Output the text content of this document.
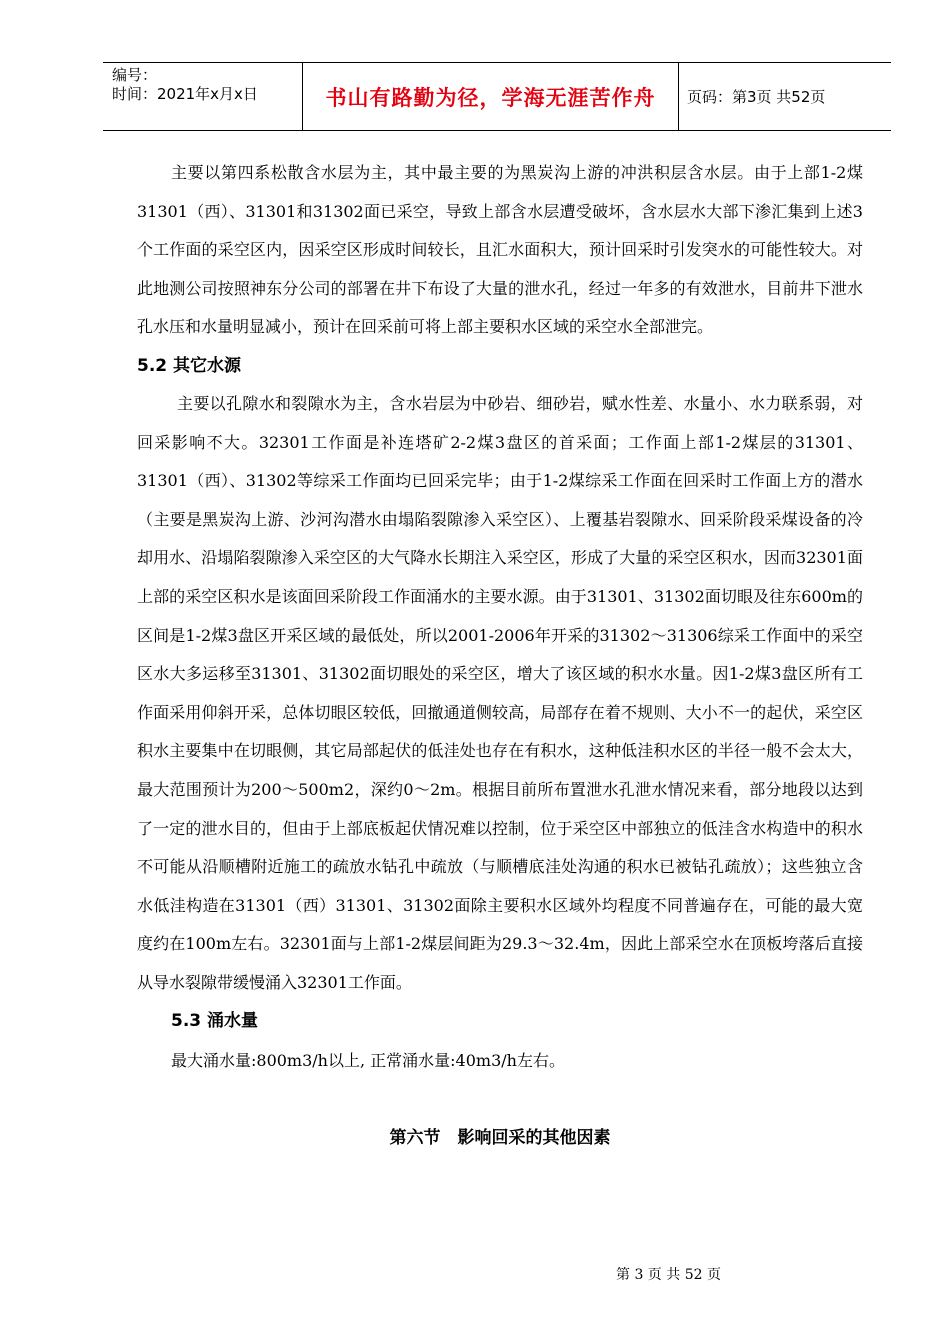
编号：
时间：2021年x月x日	书山有路勤为径，学海无涯苦作舟 页码：第3页 共52页

主要以第四系松散含水层为主，其中最主要的为黑炭沟上游的冲洪积层含水层。由于上部1-2煤31301（西）、31301和31302面已采空，导致上部含水层遭受破坏，含水层水大部下渗汇集到上述3个工作面的采空区内，因采空区形成时间较长，且汇水面积大，预计回采时引发突水的可能性较大。对此地测公司按照神东分公司的部署在井下布设了大量的泄水孔，经过一年多的有效泄水，目前井下泄水孔水压和水量明显减小，预计在回采前可将上部主要积水区域的采空水全部泄完。

5.2 其它水源

主要以孔隙水和裂隙水为主，含水岩层为中砂岩、细砂岩，赋水性差、水量小、水力联系弱，对回采影响不大。32301工作面是补连塔矿2-2煤3盘区的首采面；工作面上部1-2煤层的31301、31301（西）、31302等综采工作面均已回采完毕；由于1-2煤综采工作面在回采时工作面上方的潜水（主要是黑炭沟上游、沙河沟潜水由塌陷裂隙渗入采空区）、上覆基岩裂隙水、回采阶段采煤设备的冷却用水、沿塌陷裂隙渗入采空区的大气降水长期注入采空区，形成了大量的采空区积水，因而32301面上部的采空区积水是该面回采阶段工作面涌水的主要水源。由于31301、31302面切眼及往东600m的区间是1-2煤3盘区开采区域的最低处，所以2001-2006年开采的31302～31306综采工作面中的采空区水大多运移至31301、31302面切眼处的采空区，增大了该区域的积水水量。因1-2煤3盘区所有工作面采用仰斜开采，总体切眼区较低，回撤通道侧较高，局部存在着不规则、大小不一的起伏，采空区积水主要集中在切眼侧，其它局部起伏的低洼处也存在有积水，这种低洼积水区的半径一般不会太大，最大范围预计为200～500m2，深约0～2m。根据目前所布置泄水孔泄水情况来看，部分地段以达到了一定的泄水目的，但由于上部底板起伏情况难以控制，位于采空区中部独立的低洼含水构造中的积水不可能从沿顺槽附近施工的疏放水钻孔中疏放（与顺槽底洼处沟通的积水已被钻孔疏放）；这些独立含水低洼构造在31301（西）31301、31302面除主要积水区域外均程度不同普遍存在，可能的最大宽度约在100m左右。32301面与上部1-2煤层间距为29.3～32.4m，因此上部采空水在顶板垮落后直接从导水裂隙带缓慢涌入32301工作面。

5.3 涌水量

最大涌水量:800m3/h以上, 正常涌水量:40m3/h左右。

第六节　影响回采的其他因素
第 3 页 共 52 页
